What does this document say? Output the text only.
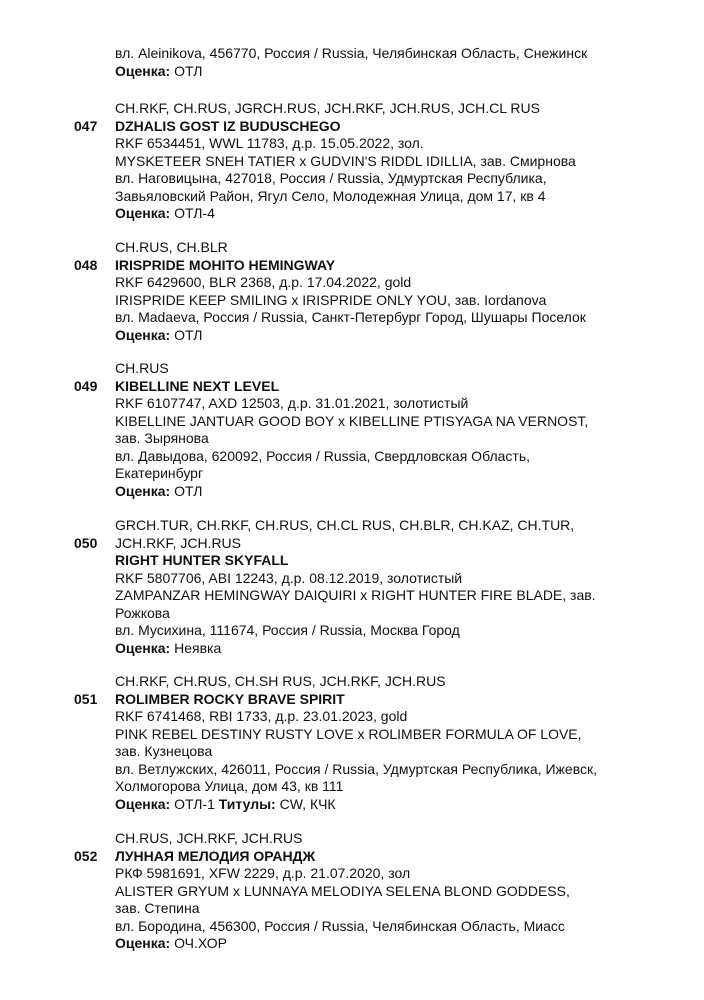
вл. Aleinikova, 456770, Россия / Russia, Челябинская Область, Снежинск
Оценка: ОТЛ
047
CH.RKF, CH.RUS, JGRCH.RUS, JCH.RKF, JCH.RUS, JCH.CL RUS
DZHALIS GOST IZ BUDUSCHEGO
RKF 6534451, WWL 11783, д.р. 15.05.2022, зол.
MYSKETEER SNEH TATIER x GUDVIN'S RIDDL IDILLIA, зав. Смирнова
вл. Наговицына, 427018, Россия / Russia, Удмуртская Республика,
Завьяловский Район, Ягул Село, Молодежная Улица, дом 17, кв 4
Оценка: ОТЛ-4
048
CH.RUS, CH.BLR
IRISPRIDE MOHITO HEMINGWAY
RKF 6429600, BLR 2368, д.р. 17.04.2022, gold
IRISPRIDE KEEP SMILING x IRISPRIDE ONLY YOU, зав. Iordanova
вл. Madaeva, Россия / Russia, Санкт-Петербург Город, Шушары Поселок
Оценка: ОТЛ
049
CH.RUS
KIBELLINE NEXT LEVEL
RKF 6107747, AXD 12503, д.р. 31.01.2021, золотистый
KIBELLINE JANTUAR GOOD BOY x KIBELLINE PTISYAGA NA VERNOST,
зав. Зырянова
вл. Давыдова, 620092, Россия / Russia, Свердловская Область,
Екатеринбург
Оценка: ОТЛ
050
GRCH.TUR, CH.RKF, CH.RUS, CH.CL RUS, CH.BLR, CH.KAZ, CH.TUR,
JCH.RKF, JCH.RUS
RIGHT HUNTER SKYFALL
RKF 5807706, ABI 12243, д.р. 08.12.2019, золотистый
ZAMPANZAR HEMINGWAY DAIQUIRI x RIGHT HUNTER FIRE BLADE, зав.
Рожкова
вл. Мусихина, 111674, Россия / Russia, Москва Город
Оценка: Неявка
051
CH.RKF, CH.RUS, CH.SH RUS, JCH.RKF, JCH.RUS
ROLIMBER ROCKY BRAVE SPIRIT
RKF 6741468, RBI 1733, д.р. 23.01.2023, gold
PINK REBEL DESTINY RUSTY LOVE x ROLIMBER FORMULA OF LOVE,
зав. Кузнецова
вл. Ветлужских, 426011, Россия / Russia, Удмуртская Республика, Ижевск,
Холмогорова Улица, дом 43, кв 111
Оценка: ОТЛ-1 Титулы: CW, КЧК
052
CH.RUS, JCH.RKF, JCH.RUS
ЛУННАЯ МЕЛОДИЯ ОРАНДЖ
РКФ 5981691, XFW 2229, д.р. 21.07.2020, зол
ALISTER GRYUM x LUNNAYA MELODIYA SELENA BLOND GODDESS,
зав. Степина
вл. Бородина, 456300, Россия / Russia, Челябинская Область, Миасс
Оценка: ОЧ.ХОР
